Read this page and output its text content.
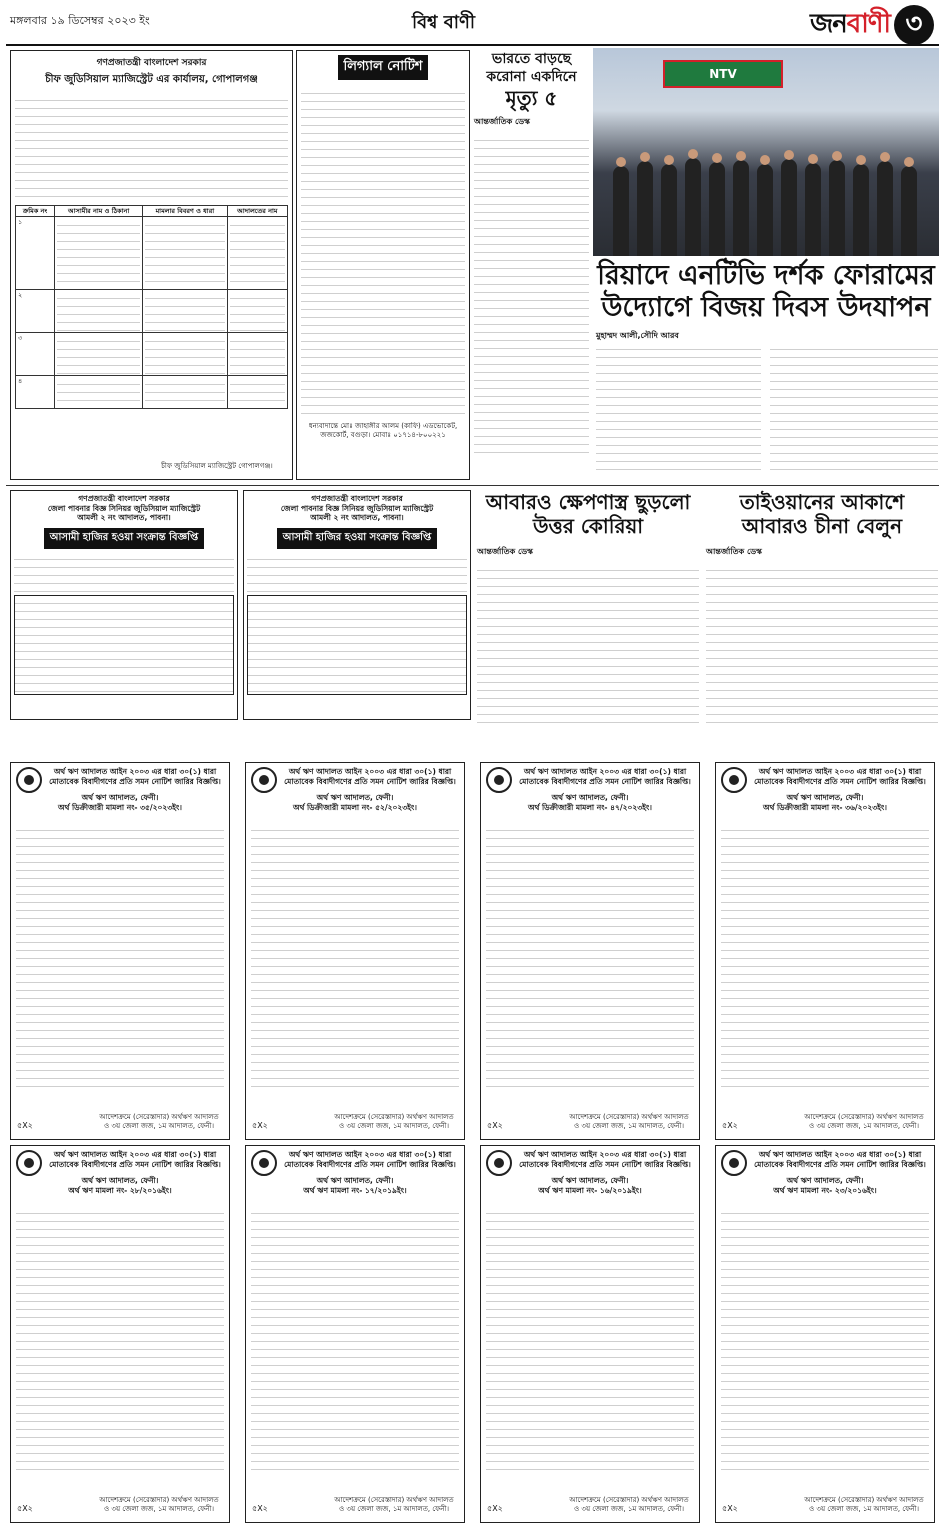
মঙ্গলবার ১৯ ডিসেম্বর ২০২৩ ইং	বিশ্ব বাণী	জনবাণী ৩
গণপ্রজাতন্ত্রী বাংলাদেশ সরকার
চীফ জুডিসিয়াল ম্যাজিস্ট্রেট এর কার্যালয়, গোপালগঞ্জ
ক্রমিক নং	আসামীর নাম ও ঠিকানা	মামলার বিবরণ ও ধারা	আদালতের নাম
১	

২	

৩	

৪	

চীফ জুডিসিয়াল ম্যাজিস্ট্রেট গোপালগঞ্জ।
লিগ্যাল নোটিশ
ধন্যবাদান্তে মোঃ জাহাঙ্গীর আলম (কাফি) এডভোকেট, জজকোর্ট, বগুড়া। মোবাঃ ০১৭১৪-৮০০২২১
ভারতে বাড়ছে করোনা একদিনে
মৃত্যু ৫
আন্তর্জাতিক ডেস্ক
NTV
রিয়াদে এনটিভি দর্শক ফোরামের উদ্যোগে বিজয় দিবস উদযাপন
মুহাম্মদ আলী,সৌদি আরব
গণপ্রজাতন্ত্রী বাংলাদেশ সরকার
জেলা পাবনার বিজ্ঞ সিনিয়র জুডিসিয়াল ম্যাজিস্ট্রেট
আমলী ২ নং আদালত, পাবনা।
আসামী হাজির হওয়া সংক্রান্ত বিজ্ঞপ্তি
গণপ্রজাতন্ত্রী বাংলাদেশ সরকার
জেলা পাবনার বিজ্ঞ সিনিয়র জুডিসিয়াল ম্যাজিস্ট্রেট
আমলী ২ নং আদালত, পাবনা।
আসামী হাজির হওয়া সংক্রান্ত বিজ্ঞপ্তি
আবারও ক্ষেপণাস্ত্র ছুড়লো উত্তর কোরিয়া
আন্তর্জাতিক ডেস্ক
তাইওয়ানের আকাশে আবারও চীনা বেলুন
আন্তর্জাতিক ডেস্ক
অর্থ ঋণ আদালত আইন ২০০৩ এর ধারা ৩০(১) ধারা মোতাবেক বিবাদীগণের প্রতি সমন নোটিশ জারির বিজ্ঞপ্তি।
অর্থ ঋণ আদালত, ফেনী।
অর্থ ডিক্রীজারী মামলা নং- ৩৫/২০২৩ইং।
আদেশক্রমে (সেরেস্তাদার) অর্থঋণ আদালত ও ৩য় জেলা জজ, ১ম আদালত, ফেনী।
৫X২
অর্থ ঋণ আদালত আইন ২০০৩ এর ধারা ৩০(১) ধারা মোতাবেক বিবাদীগণের প্রতি সমন নোটিশ জারির বিজ্ঞপ্তি।
অর্থ ঋণ আদালত, ফেনী।
অর্থ ডিক্রীজারী মামলা নং- ৫২/২০২৩ইং।
আদেশক্রমে (সেরেস্তাদার) অর্থঋণ আদালত ও ৩য় জেলা জজ, ১ম আদালত, ফেনী।
৫X২
অর্থ ঋণ আদালত আইন ২০০৩ এর ধারা ৩০(১) ধারা মোতাবেক বিবাদীগণের প্রতি সমন নোটিশ জারির বিজ্ঞপ্তি।
অর্থ ঋণ আদালত, ফেনী।
অর্থ ডিক্রীজারী মামলা নং- ৪৭/২০২৩ইং।
আদেশক্রমে (সেরেস্তাদার) অর্থঋণ আদালত ও ৩য় জেলা জজ, ১ম আদালত, ফেনী।
৫X২
অর্থ ঋণ আদালত আইন ২০০৩ এর ধারা ৩০(১) ধারা মোতাবেক বিবাদীগণের প্রতি সমন নোটিশ জারির বিজ্ঞপ্তি।
অর্থ ঋণ আদালত, ফেনী।
অর্থ ডিক্রীজারী মামলা নং- ৩৬/২০২৩ইং।
আদেশক্রমে (সেরেস্তাদার) অর্থঋণ আদালত ও ৩য় জেলা জজ, ১ম আদালত, ফেনী।
৫X২
অর্থ ঋণ আদালত আইন ২০০৩ এর ধারা ৩০(১) ধারা মোতাবেক বিবাদীগণের প্রতি সমন নোটিশ জারির বিজ্ঞপ্তি।
অর্থ ঋণ আদালত, ফেনী।
অর্থ ঋণ মামলা নং- ২৮/২০১৬ইং।
আদেশক্রমে (সেরেস্তাদার) অর্থঋণ আদালত ও ৩য় জেলা জজ, ১ম আদালত, ফেনী।
৫X২
অর্থ ঋণ আদালত আইন ২০০৩ এর ধারা ৩০(১) ধারা মোতাবেক বিবাদীগণের প্রতি সমন নোটিশ জারির বিজ্ঞপ্তি।
অর্থ ঋণ আদালত, ফেনী।
অর্থ ঋণ মামলা নং- ১৭/২০১৯ইং।
আদেশক্রমে (সেরেস্তাদার) অর্থঋণ আদালত ও ৩য় জেলা জজ, ১ম আদালত, ফেনী।
৫X২
অর্থ ঋণ আদালত আইন ২০০৩ এর ধারা ৩০(১) ধারা মোতাবেক বিবাদীগণের প্রতি সমন নোটিশ জারির বিজ্ঞপ্তি।
অর্থ ঋণ আদালত, ফেনী।
অর্থ ঋণ মামলা নং- ১৬/২০১৯ইং।
আদেশক্রমে (সেরেস্তাদার) অর্থঋণ আদালত ও ৩য় জেলা জজ, ১ম আদালত, ফেনী।
৫X২
অর্থ ঋণ আদালত আইন ২০০৩ এর ধারা ৩০(১) ধারা মোতাবেক বিবাদীগণের প্রতি সমন নোটিশ জারির বিজ্ঞপ্তি।
অর্থ ঋণ আদালত, ফেনী।
অর্থ ঋণ মামলা নং- ২৩/২০১৬ইং।
আদেশক্রমে (সেরেস্তাদার) অর্থঋণ আদালত ও ৩য় জেলা জজ, ১ম আদালত, ফেনী।
৫X২
